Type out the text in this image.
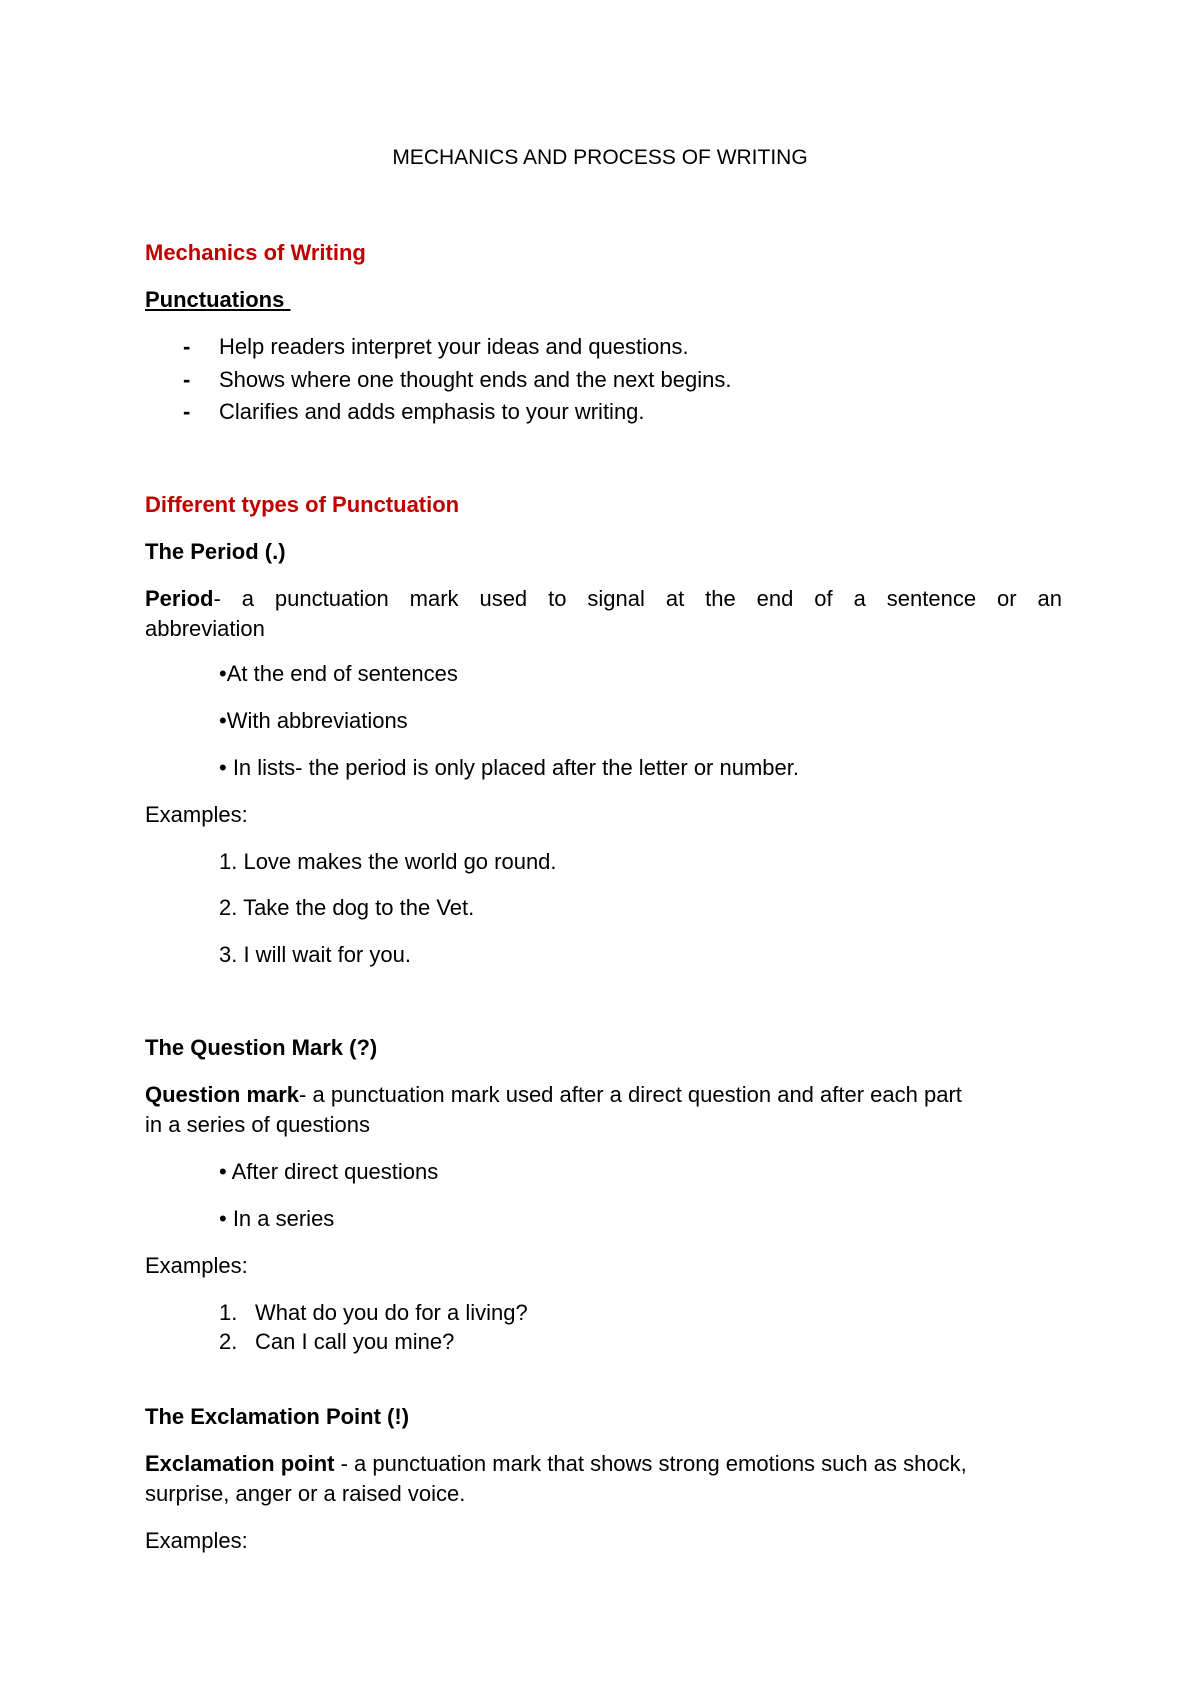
MECHANICS AND PROCESS OF WRITING
Mechanics of Writing
Punctuations
- Help readers interpret your ideas and questions.
- Shows where one thought ends and the next begins.
- Clarifies and adds emphasis to your writing.
Different types of Punctuation
The Period (.)
Period- a punctuation mark used to signal at the end of a sentence or an
abbreviation
•At the end of sentences
•With abbreviations
• In lists- the period is only placed after the letter or number.
Examples:
1. Love makes the world go round.
2. Take the dog to the Vet.
3. I will wait for you.
The Question Mark (?)
Question mark- a punctuation mark used after a direct question and after each part
in a series of questions
• After direct questions
• In a series
Examples:
1. What do you do for a living?
2. Can I call you mine?
The Exclamation Point (!)
Exclamation point - a punctuation mark that shows strong emotions such as shock,
surprise, anger or a raised voice.
Examples:
